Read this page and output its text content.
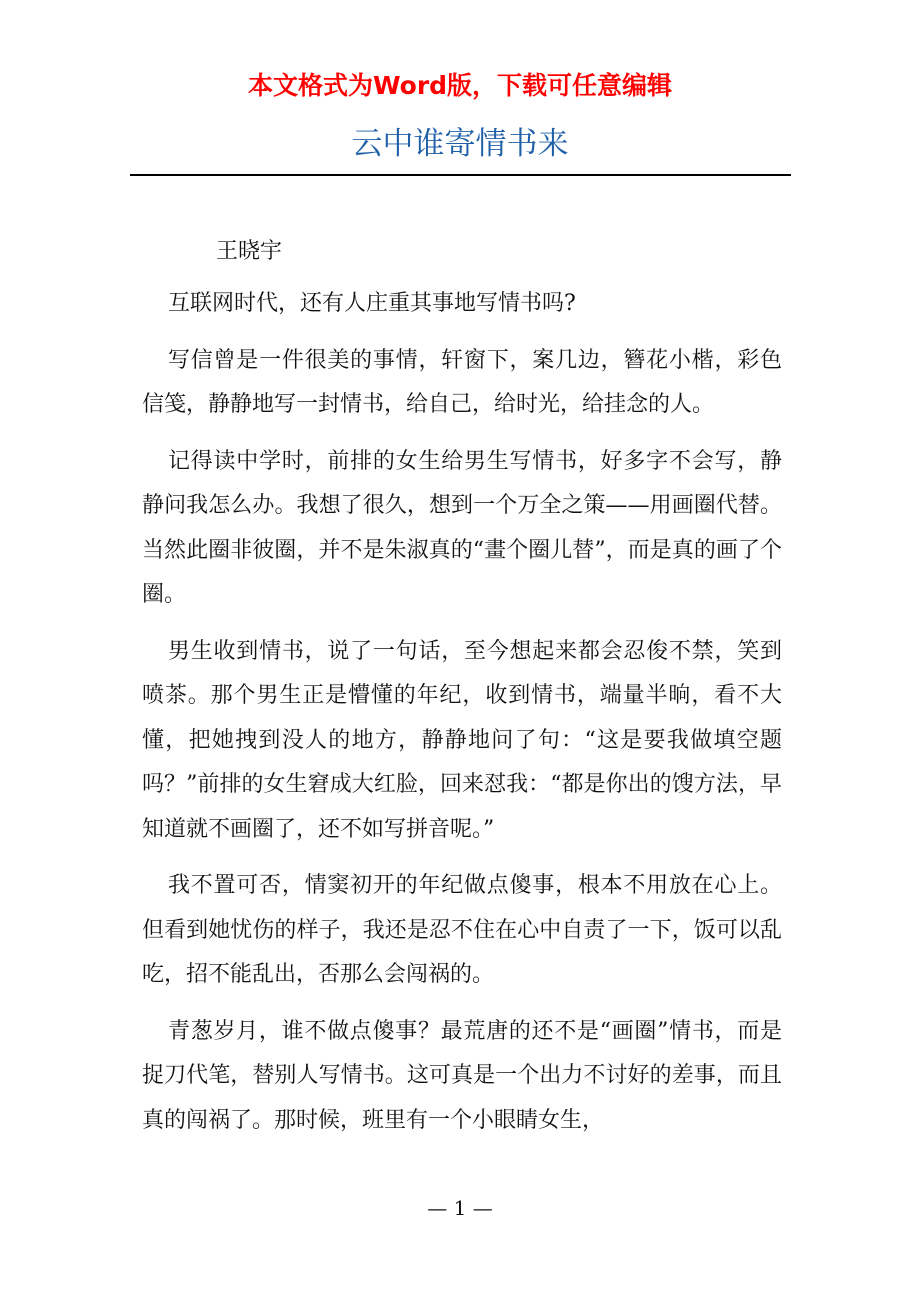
本文格式为Word版，下载可任意编辑
云中谁寄情书来
王晓宇

互联网时代，还有人庄重其事地写情书吗?

写信曾是一件很美的事情，轩窗下，案几边，簪花小楷，彩色信笺，静静地写一封情书，给自己，给时光，给挂念的人。

记得读中学时，前排的女生给男生写情书，好多字不会写，静静问我怎么办。我想了很久，想到一个万全之策——用画圈代替。当然此圈非彼圈，并不是朱淑真的“畫个圈儿替”，而是真的画了个圈。

男生收到情书，说了一句话，至今想起来都会忍俊不禁，笑到喷茶。那个男生正是懵懂的年纪，收到情书，端量半晌，看不大懂，把她拽到没人的地方，静静地问了句：“这是要我做填空题吗？”前排的女生窘成大红脸，回来怼我：“都是你出的馊方法，早知道就不画圈了，还不如写拼音呢。”

我不置可否，情窦初开的年纪做点傻事，根本不用放在心上。但看到她忧伤的样子，我还是忍不住在心中自责了一下，饭可以乱吃，招不能乱出，否那么会闯祸的。

青葱岁月，谁不做点傻事？最荒唐的还不是“画圈”情书，而是捉刀代笔，替别人写情书。这可真是一个出力不讨好的差事，而且真的闯祸了。那时候，班里有一个小眼睛女生，

— 1 —
